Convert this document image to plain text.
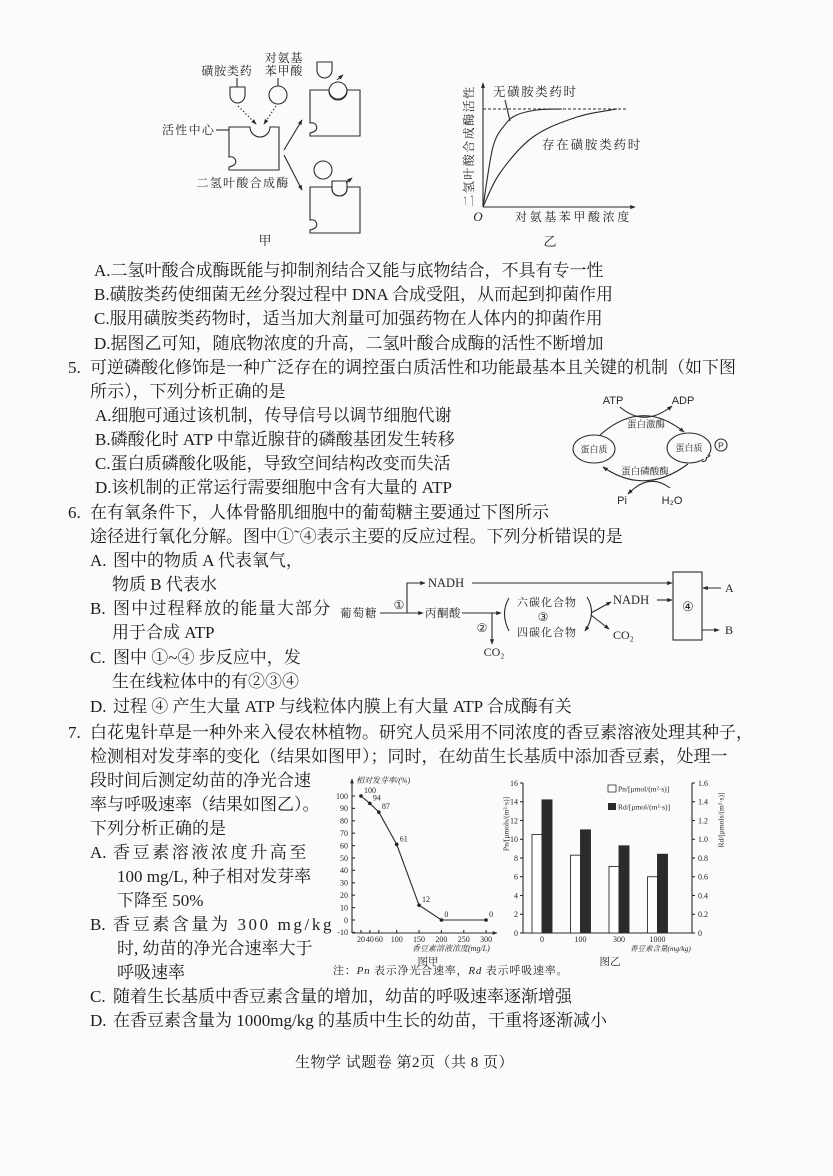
对氨基
磺胺类药 苯甲酸
活性中心
二氢叶酸合成酶
甲
二氢叶酸合成酶活性 无磺胺类药时
存在磺胺类药时
O	对氨基苯甲酸浓度
乙
A.二氢叶酸合成酶既能与抑制剂结合又能与底物结合，不具有专一性
B.磺胺类药使细菌无丝分裂过程中 DNA 合成受阻，从而起到抑菌作用
C.服用磺胺类药物时，适当加大剂量可加强药物在人体内的抑菌作用
D.据图乙可知，随底物浓度的升高，二氢叶酸合成酶的活性不断增加
5. 可逆磷酸化修饰是一种广泛存在的调控蛋白质活性和功能最基本且关键的机制（如下图
所示），下列分析正确的是
A.细胞可通过该机制，传导信号以调节细胞代谢
B.磷酸化时 ATP 中靠近腺苷的磷酸基团发生转移
C.蛋白质磷酸化吸能，导致空间结构改变而失活
D.该机制的正常运行需要细胞中含有大量的 ATP
ATP	ADP
蛋白激酶
蛋白质	蛋白质 P
蛋白磷酸酶
Pi	H₂O
6. 在有氧条件下，人体骨骼肌细胞中的葡萄糖主要通过下图所示
途径进行氧化分解。图中①˜④表示主要的反应过程。下列分析错误的是
A. 图中的物质 A 代表氧气，
物质 B 代表水
B. 图中过程释放的能量大部分
用于合成 ATP
C. 图中 ①~④ 步反应中，发
生在线粒体中的有②③④
D. 过程 ④ 产生大量 ATP 与线粒体内膜上有大量 ATP 合成酶有关
葡萄糖
①
NADH
丙酮酸
②
CO₂
六碳化合物
③
四碳化合物
NADH
CO₂
④
A
B
7. 白花鬼针草是一种外来入侵农林植物。研究人员采用不同浓度的香豆素溶液处理其种子，
检测相对发芽率的变化（结果如图甲）；同时，在幼苗生长基质中添加香豆素，处理一
段时间后测定幼苗的净光合速
率与呼吸速率（结果如图乙）。
下列分析正确的是
A. 香豆素溶液浓度升高至
100 mg/L, 种子相对发芽率
下降至 50%
B. 香豆素含量为 300 mg/kg
时, 幼苗的净光合速率大于
呼吸速率
C. 随着生长基质中香豆素含量的增加，幼苗的呼吸速率逐渐增强
D. 在香豆素含量为 1000mg/kg 的基质中生长的幼苗，干重将逐渐减小
-10
0
10
20
30
40
50
60
70
80
90
100
20 40 60 100 150 200 250 300
100
94
87
61
12
0	0
相对发芽率/(%)
香豆素溶液浓度(mg/L)
图甲
0
2
4
6
8
10
12
14
16
0
0.2
0.4
0.6
0.8
1.0
1.2
1.4
1.6
0	100	300	1000
Pn/[μmols/(m²·s)]	Rd/[μmols/(m²·s)]
Pn/[μmol/(m²·s)]
Rd/[μmol/(m²·s)]
香豆素含量(mg/kg)
图乙
注：Pn 表示净光合速率，Rd 表示呼吸速率。
生物学 试题卷 第2页（共 8 页）
